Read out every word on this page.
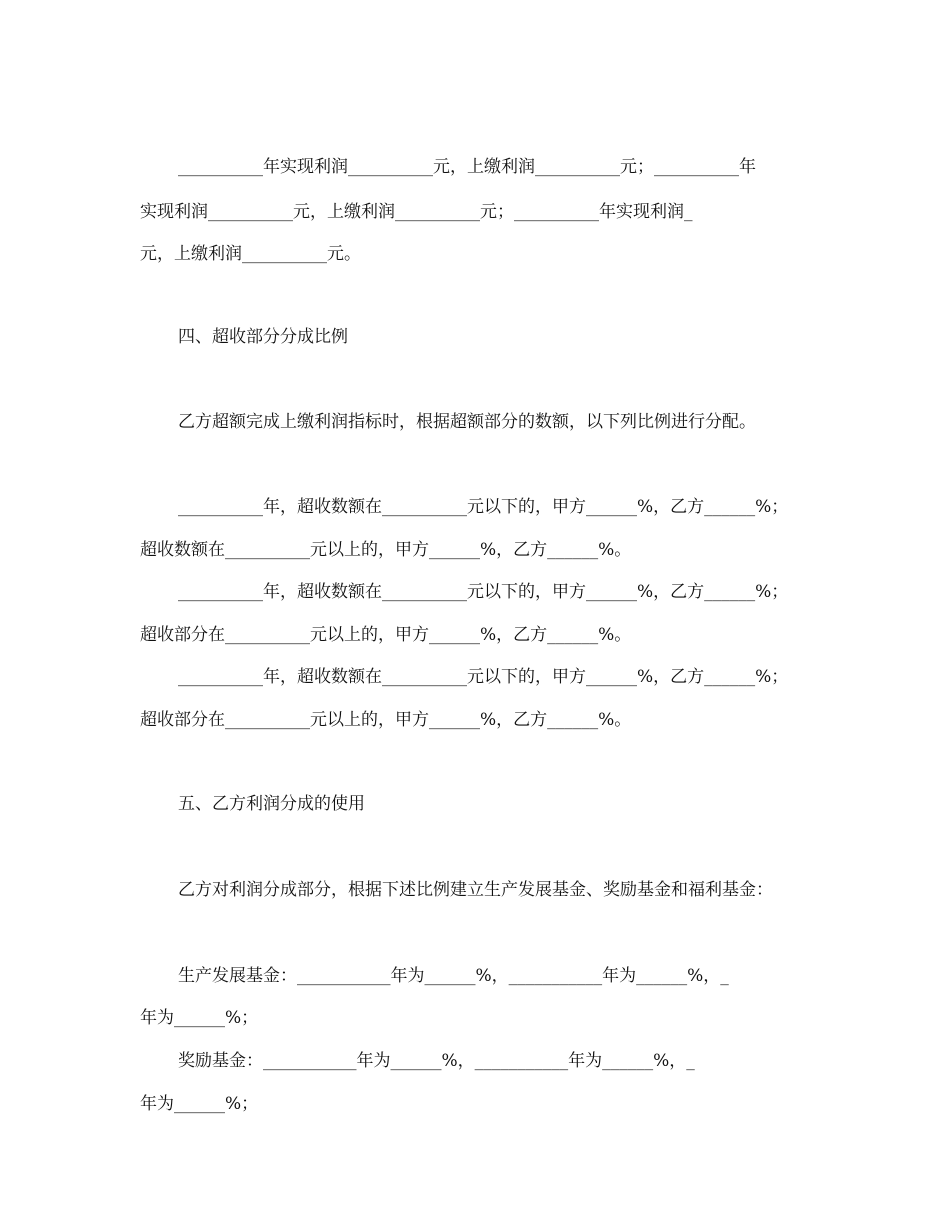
__________年实现利润__________元，上缴利润__________元；__________年
实现利润__________元，上缴利润__________元；__________年实现利润_
元，上缴利润__________元。
四、超收部分分成比例
乙方超额完成上缴利润指标时，根据超额部分的数额，以下列比例进行分配。
__________年，超收数额在__________元以下的，甲方______%，乙方______%；
超收数额在__________元以上的，甲方______%，乙方______%。
__________年，超收数额在__________元以下的，甲方______%，乙方______%；
超收部分在__________元以上的，甲方______%，乙方______%。
__________年，超收数额在__________元以下的，甲方______%，乙方______%；
超收部分在__________元以上的，甲方______%，乙方______%。
五、乙方利润分成的使用
乙方对利润分成部分，根据下述比例建立生产发展基金、奖励基金和福利基金：
生产发展基金：___________年为______%，___________年为______%，_
年为______%；
奖励基金：___________年为______%，___________年为______%，_
年为______%；
